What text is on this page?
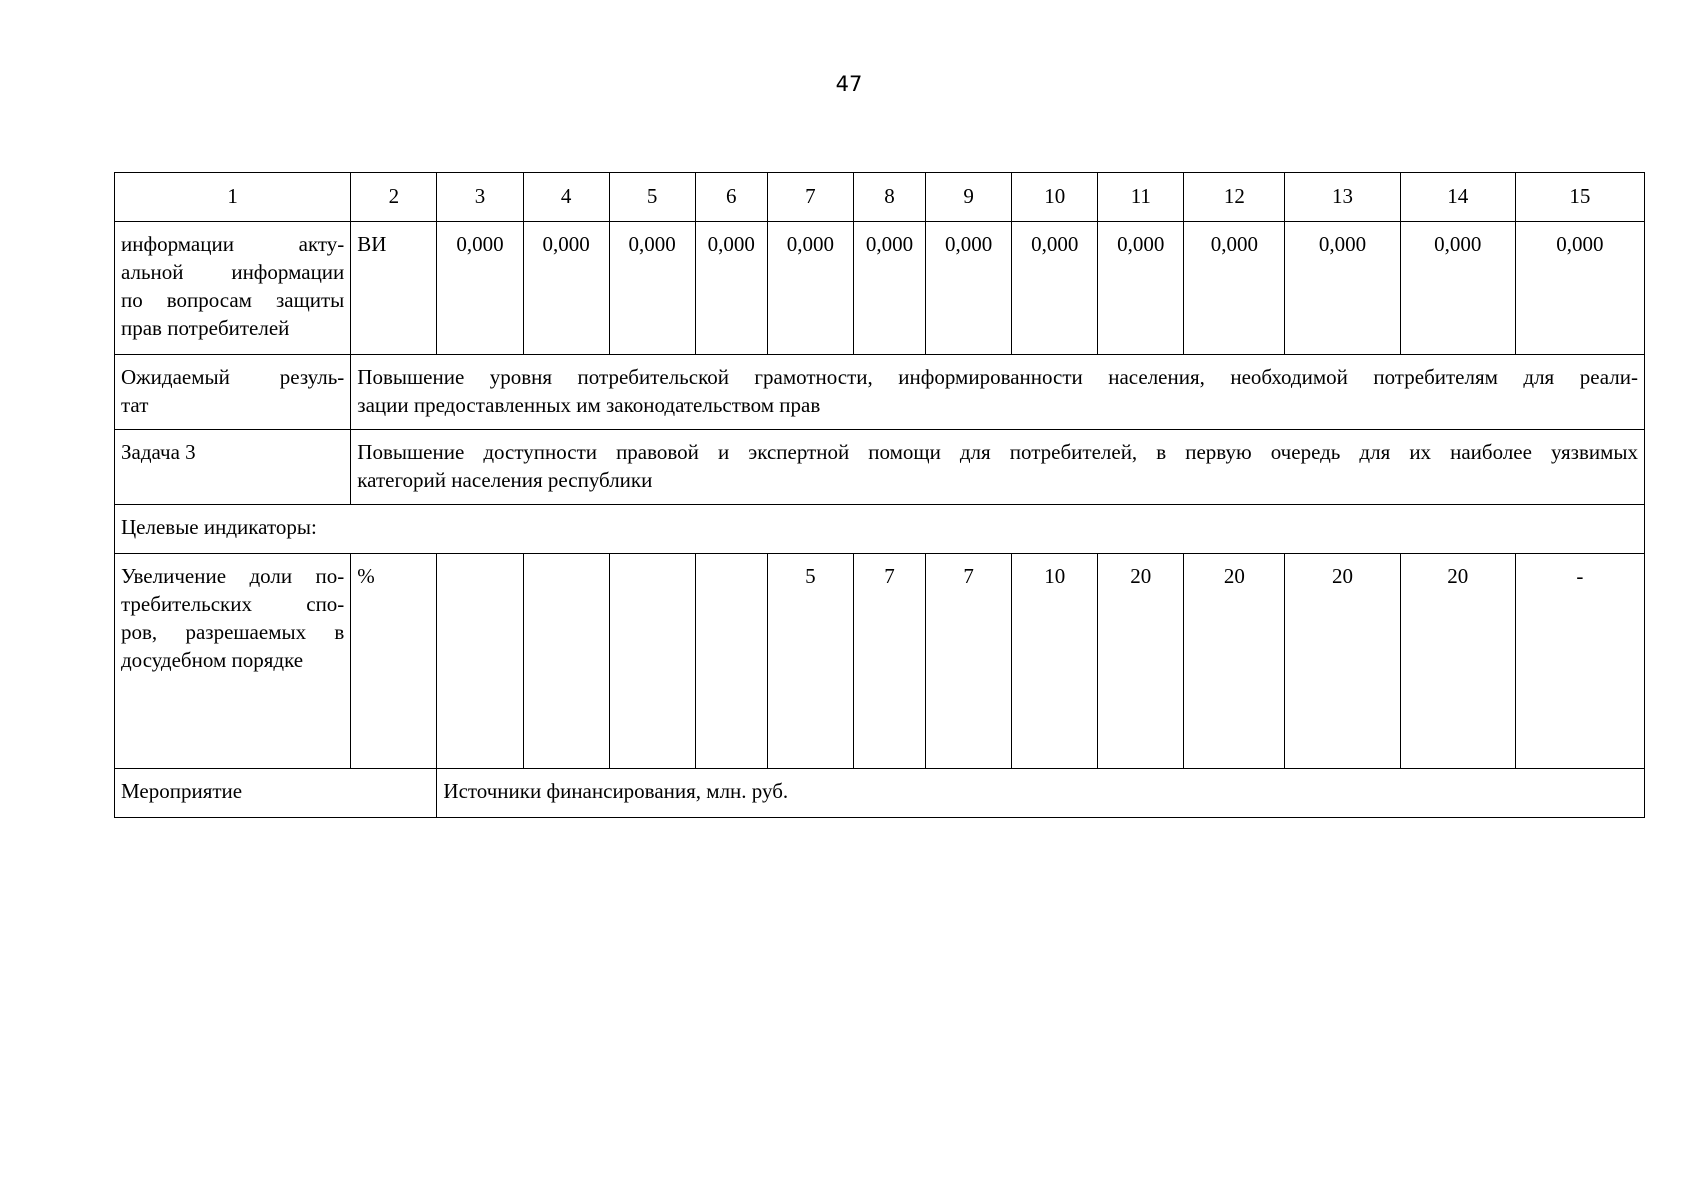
47
1	2	3	4	5	6	7	8	9	10	11	12	13	14	15

информации акту-
альной информации
по вопросам защиты
прав потребителей	ВИ	0,000	0,000	0,000	0,000	0,000	0,000	0,000	0,000	0,000	0,000	0,000	0,000	0,000

Ожидаемый резуль-
тат	Повышение уровня потребительской грамотности, информированности населения, необходимой потребителям для реали-
зации предоставленных им законодательством прав													

Задача 3	Повышение доступности правовой и экспертной помощи для потребителей, в первую очередь для их наиболее уязвимых
категорий населения республики													

Целевые индикаторы:														

Увеличение доли по-
требительских спо-
ров, разрешаемых в
досудебном порядке	%					5	7	7	10	20	20	20	20	-
Мероприятие		Источники финансирования, млн. руб.												
